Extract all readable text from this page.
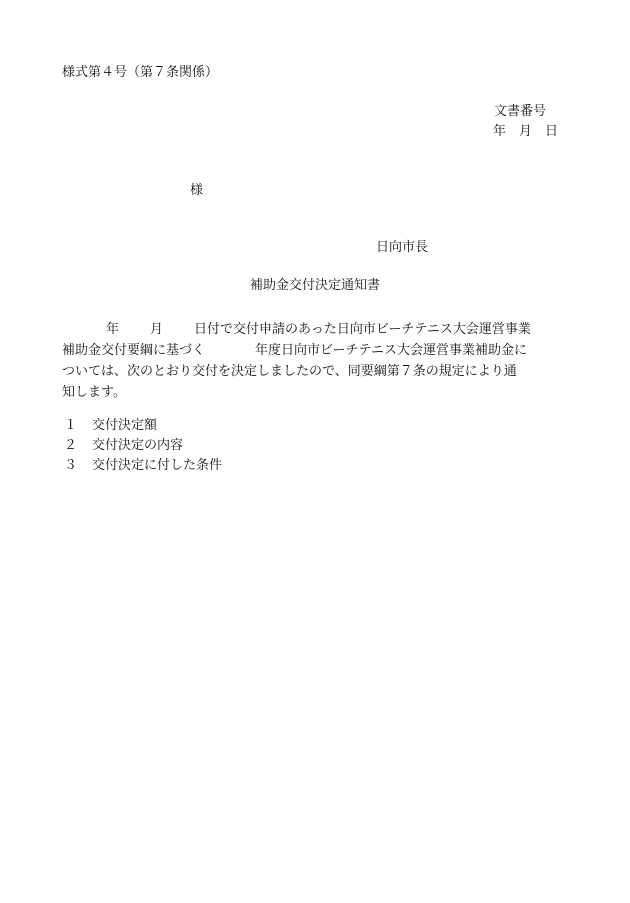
様式第４号（第７条関係）
文書番号
年　月　日
様
日向市長
補助金交付決定通知書
年 月 日付で交付申請のあった日向市ビーチテニス大会運営事業
補助金交付要綱に基づく	年度日向市ビーチテニス大会運営事業補助金に
ついては、次のとおり交付を決定しましたので、同要綱第７条の規定により通
知します。
１ 交付決定額
２ 交付決定の内容
３ 交付決定に付した条件
